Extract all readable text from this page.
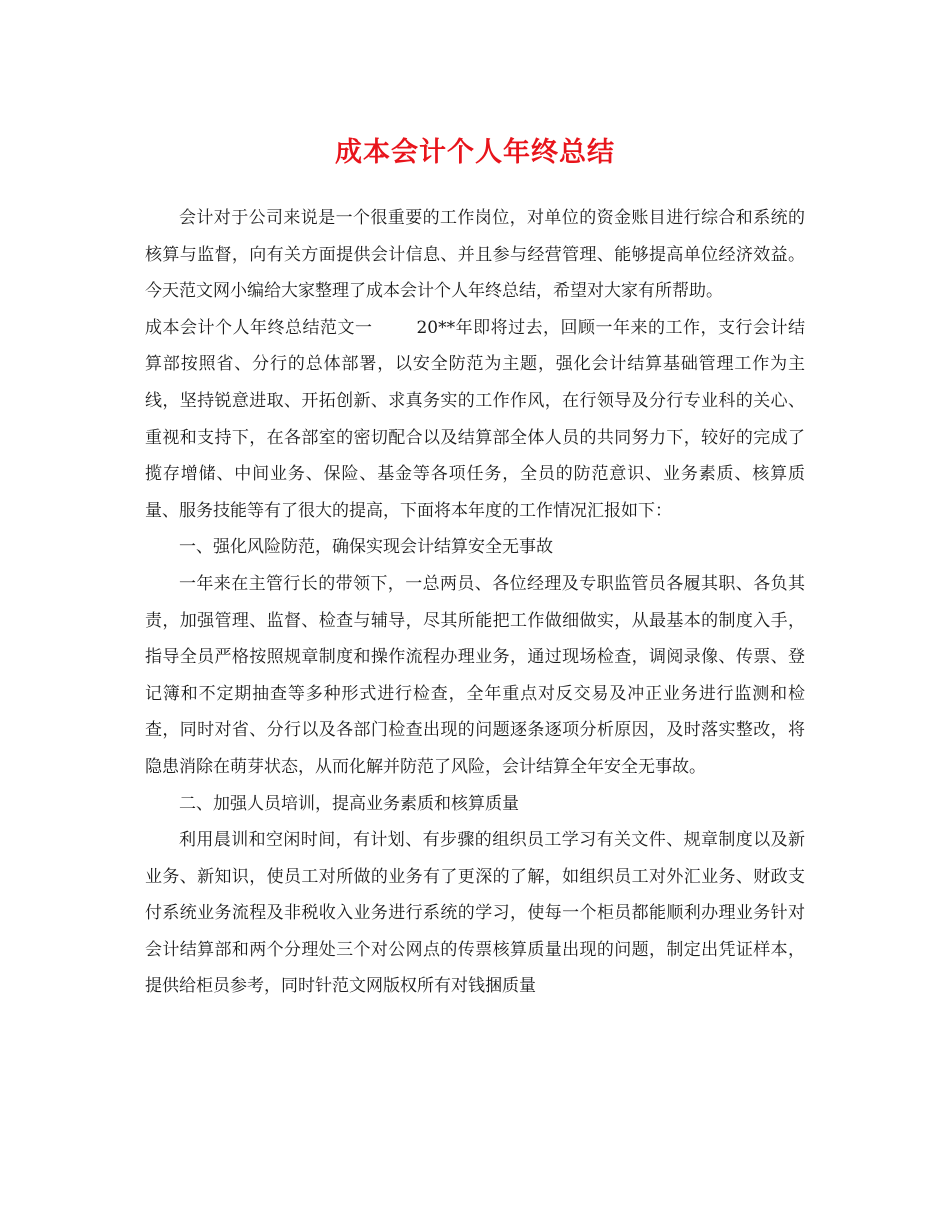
成本会计个人年终总结

会计对于公司来说是一个很重要的工作岗位，对单位的资金账目进行综合和系统的核算与监督，向有关方面提供会计信息、并且参与经营管理、能够提高单位经济效益。今天范文网小编给大家整理了成本会计个人年终总结，希望对大家有所帮助。

成本会计个人年终总结范文一	20**年即将过去，回顾一年来的工作，支行会计结算部按照省、分行的总体部署，以安全防范为主题，强化会计结算基础管理工作为主线，坚持锐意进取、开拓创新、求真务实的工作作风，在行领导及分行专业科的关心、重视和支持下，在各部室的密切配合以及结算部全体人员的共同努力下，较好的完成了揽存增储、中间业务、保险、基金等各项任务，全员的防范意识、业务素质、核算质量、服务技能等有了很大的提高，下面将本年度的工作情况汇报如下：

一、强化风险防范，确保实现会计结算安全无事故

一年来在主管行长的带领下，一总两员、各位经理及专职监管员各履其职、各负其责，加强管理、监督、检查与辅导，尽其所能把工作做细做实，从最基本的制度入手，指导全员严格按照规章制度和操作流程办理业务，通过现场检查，调阅录像、传票、登记簿和不定期抽查等多种形式进行检查，全年重点对反交易及冲正业务进行监测和检查，同时对省、分行以及各部门检查出现的问题逐条逐项分析原因，及时落实整改，将隐患消除在萌芽状态，从而化解并防范了风险，会计结算全年安全无事故。

二、加强人员培训，提高业务素质和核算质量

利用晨训和空闲时间，有计划、有步骤的组织员工学习有关文件、规章制度以及新业务、新知识，使员工对所做的业务有了更深的了解，如组织员工对外汇业务、财政支付系统业务流程及非税收入业务进行系统的学习，使每一个柜员都能顺利办理业务针对会计结算部和两个分理处三个对公网点的传票核算质量出现的问题，制定出凭证样本，提供给柜员参考，同时针范文网版权所有对钱捆质量
